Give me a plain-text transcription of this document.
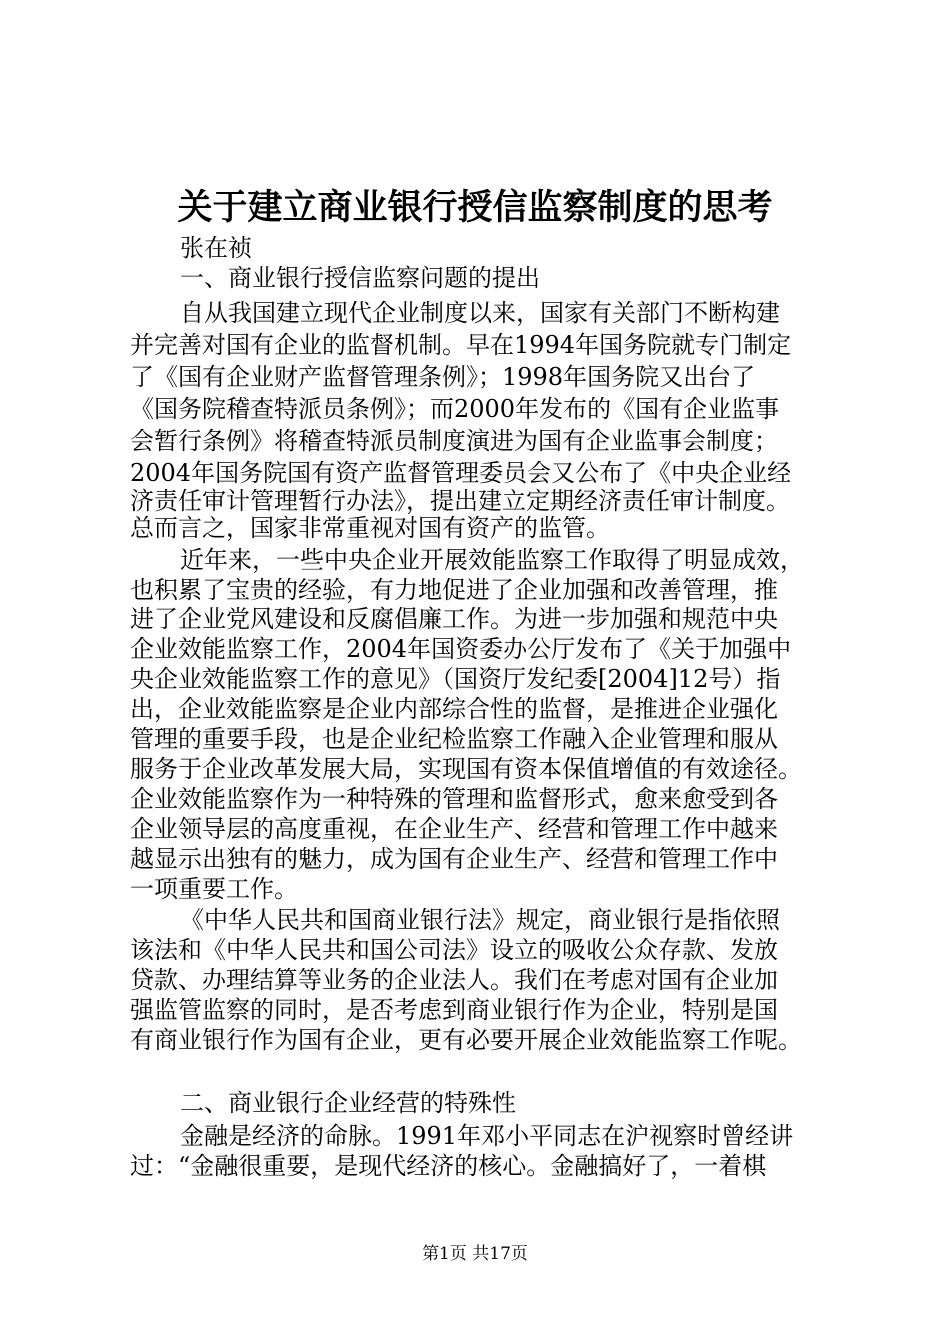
关于建立商业银行授信监察制度的思考
张在祯
一、商业银行授信监察问题的提出
自从我国建立现代企业制度以来，国家有关部门不断构建
并完善对国有企业的监督机制。早在1994年国务院就专门制定
了《国有企业财产监督管理条例》；1998年国务院又出台了
《国务院稽查特派员条例》；而2000年发布的《国有企业监事
会暂行条例》将稽查特派员制度演进为国有企业监事会制度；
2004年国务院国有资产监督管理委员会又公布了《中央企业经
济责任审计管理暂行办法》，提出建立定期经济责任审计制度。
总而言之，国家非常重视对国有资产的监管。
近年来，一些中央企业开展效能监察工作取得了明显成效，
也积累了宝贵的经验，有力地促进了企业加强和改善管理，推
进了企业党风建设和反腐倡廉工作。为进一步加强和规范中央
企业效能监察工作，2004年国资委办公厅发布了《关于加强中
央企业效能监察工作的意见》（国资厅发纪委[2004]12号）指
出，企业效能监察是企业内部综合性的监督，是推进企业强化
管理的重要手段，也是企业纪检监察工作融入企业管理和服从
服务于企业改革发展大局，实现国有资本保值增值的有效途径。
企业效能监察作为一种特殊的管理和监督形式，愈来愈受到各
企业领导层的高度重视，在企业生产、经营和管理工作中越来
越显示出独有的魅力，成为国有企业生产、经营和管理工作中
一项重要工作。
《中华人民共和国商业银行法》规定，商业银行是指依照
该法和《中华人民共和国公司法》设立的吸收公众存款、发放
贷款、办理结算等业务的企业法人。我们在考虑对国有企业加
强监管监察的同时，是否考虑到商业银行作为企业，特别是国
有商业银行作为国有企业，更有必要开展企业效能监察工作呢。
二、商业银行企业经营的特殊性
金融是经济的命脉。1991年邓小平同志在沪视察时曾经讲
过：“金融很重要，是现代经济的核心。金融搞好了，一着棋
第1页 共17页
